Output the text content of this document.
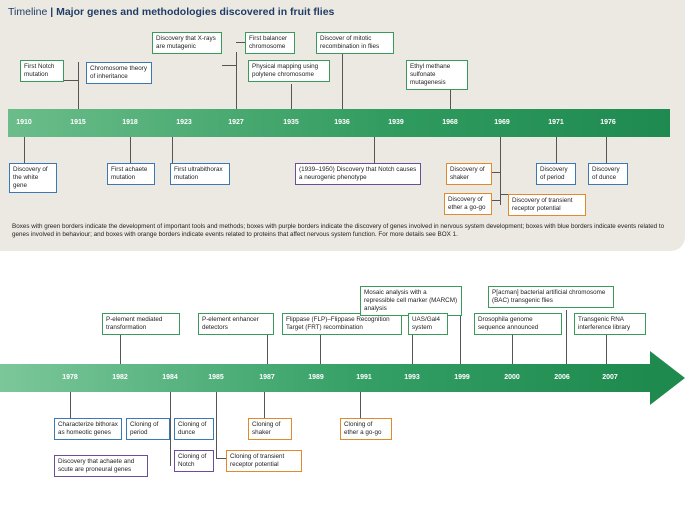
Timeline | Major genes and methodologies discovered in fruit flies
1910	1915	1918	1923	1927	1935	1936	1939	1968	1969	1971	1976
First Notch mutation
Chromosome theory of inheritance
Discovery that X-rays are mutagenic
First balancer chromosome
Physical mapping using polytene chromosome
Discover of mitotic recombination in flies
Ethyl methane sulfonate mutagenesis
Discovery of the white gene
First achaete mutation
First ultrabithorax mutation
(1939–1950) Discovery that Notch causes a neurogenic phenotype
Discovery of shaker
Discovery of ether a go-go
Discovery of transient receptor potential
Discovery of period
Discovery of dunce
Boxes with green borders indicate the development of important tools and methods; boxes with purple borders indicate the discovery of genes involved in nervous system development; boxes with blue borders indicate events related to genes involved in behaviour; and boxes with orange borders indicate events related to proteins that affect nervous system function. For more details see BOX 1.
1978	1982	1984	1985	1987	1989	1991	1993	1999	2000	2006	2007
P-element mediated transformation
P-element enhancer detectors
Flippase (FLP)–Flippase Recognition Target (FRT) recombination
Mosaic analysis with a repressible cell marker (MARCM) analysis
UAS/Gal4 system
Drosophila genome sequence announced
P[acman] bacterial artificial chromosome (BAC) transgenic flies
Transgenic RNA interference library
Characterize bithorax as homeotic genes
Discovery that achaete and scute are proneural genes
Cloning of period
Cloning of dunce
Cloning of Notch
Cloning of transient receptor potential
Cloning of shaker
Cloning of ether a go-go
